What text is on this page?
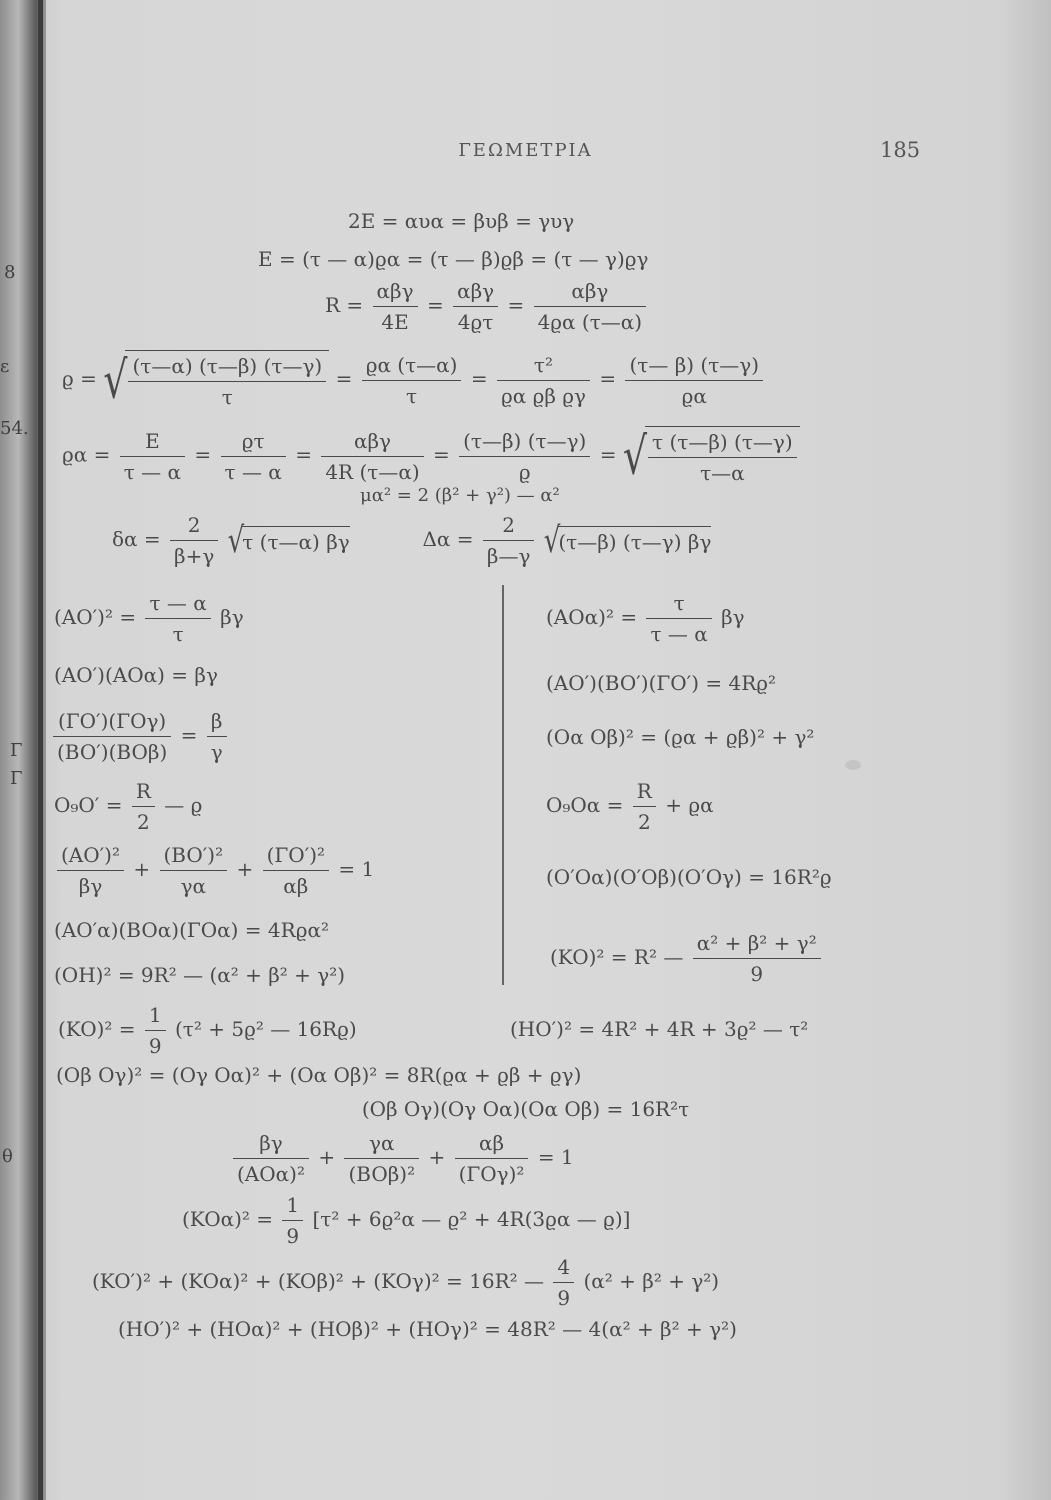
8
ε
54.
Γ
Γ
θ
ΓΕΩΜΕΤΡΙΑ	185
2E = αυα = βυβ = γυγ
E = (τ — α)ϱα = (τ — β)ϱβ = (τ — γ)ϱγ
$R = \frac{\text{αβγ}}{4E} = \frac{\text{αβγ}}{4ϱ\tau} = \frac{\text{αβγ}}{4ϱ\alpha (\tau—\alpha)}$
ϱ = √ $\frac{(\tau—\alpha) (\tau—\beta) (\tau—\gamma)}{\tau} = \frac{ϱ\alpha (\tau—\alpha)}{\tau} = \frac{\text{τ²}}{\text{ϱα ϱβ ϱγ}} = \frac{(\tau— \beta) (\tau—\gamma)}{ϱ\alpha}$
$ϱ\alpha = \frac{E}{\tau — \alpha} = \frac{ϱ\tau}{\tau — \alpha} = \frac{\text{αβγ}}{4R (\tau—\alpha)} = \frac{(\tau—\beta) (\tau—\gamma)}{ϱ}$ = √ $\frac{\tau (\tau—\beta) (\tau—\gamma)}{\tau—\alpha}$
μα² = 2 (β² + γ²) — α²
$\delta\alpha = \frac{2}{\beta+\gamma} √\tau$ (τ—α) βγ	$\Delta\alpha = \frac{2}{\beta—\gamma}$ √(τ—β) (τ—γ) βγ
$(AO')^2 = \frac{\tau — \alpha}{\tau}$ βγ
(AO′)(AOα) = βγ
$\frac{\text{(ΓO′)(ΓOγ)}}{\text{(BO′)(BOβ)}} = \frac{\beta}{\gamma}$
$O_9O' = \frac{R}{2}$ — ϱ
$\frac{\text{(AO′)²}}{\beta\gamma} + \frac{\text{(BO′)²}}{\gamma\alpha} + \frac{\text{(ΓO′)²}}{\alpha\beta} = 1$
(AO′α)(BOα)(ΓOα) = 4Rϱα²
(OH)² = 9R² — (α² + β² + γ²)
$(AO\alpha)^2 = \frac{\tau}{\tau — \alpha}$ βγ
(AO′)(BO′)(ΓO′) = 4Rϱ²
(Oα Oβ)² = (ϱα + ϱβ)² + γ²
$O_9O\alpha = \frac{R}{2} + ϱ\alpha$
(O′Oα)(O′Oβ)(O′Oγ) = 16R²ϱ
(KO)² = R² — $\frac{\text{α² + β² + γ²}}{9}$
$(KO)^2 = \frac{1}{9} (\tau^2 + 5ϱ^2$ — 16Rϱ)	(HO′)² = 4R² + 4R + 3ϱ² — τ²
(Oβ Oγ)² = (Oγ Oα)² + (Oα Oβ)² = 8R(ϱα + ϱβ + ϱγ)
(Oβ Oγ)(Oγ Oα)(Oα Oβ) = 16R²τ
$\frac{\beta\gamma}{\text{(AOα)²}} + \frac{\gamma\alpha}{\text{(BOβ)²}} + \frac{\alpha\beta}{\text{(ΓOγ)²}} = 1$
$(KO\alpha)^2 = \frac{1}{9} [\tau^2 + 6ϱ^2\alpha$ — ϱ² + 4R(3ϱα — ϱ)]
(KO′)² + (KOα)² + (KOβ)² + (KOγ)² = 16R² — $\frac{4}{9} (\alpha^2 + \beta^2 + \gamma^2)$
(HO′)² + (HOα)² + (HOβ)² + (HOγ)² = 48R² — 4(α² + β² + γ²)
